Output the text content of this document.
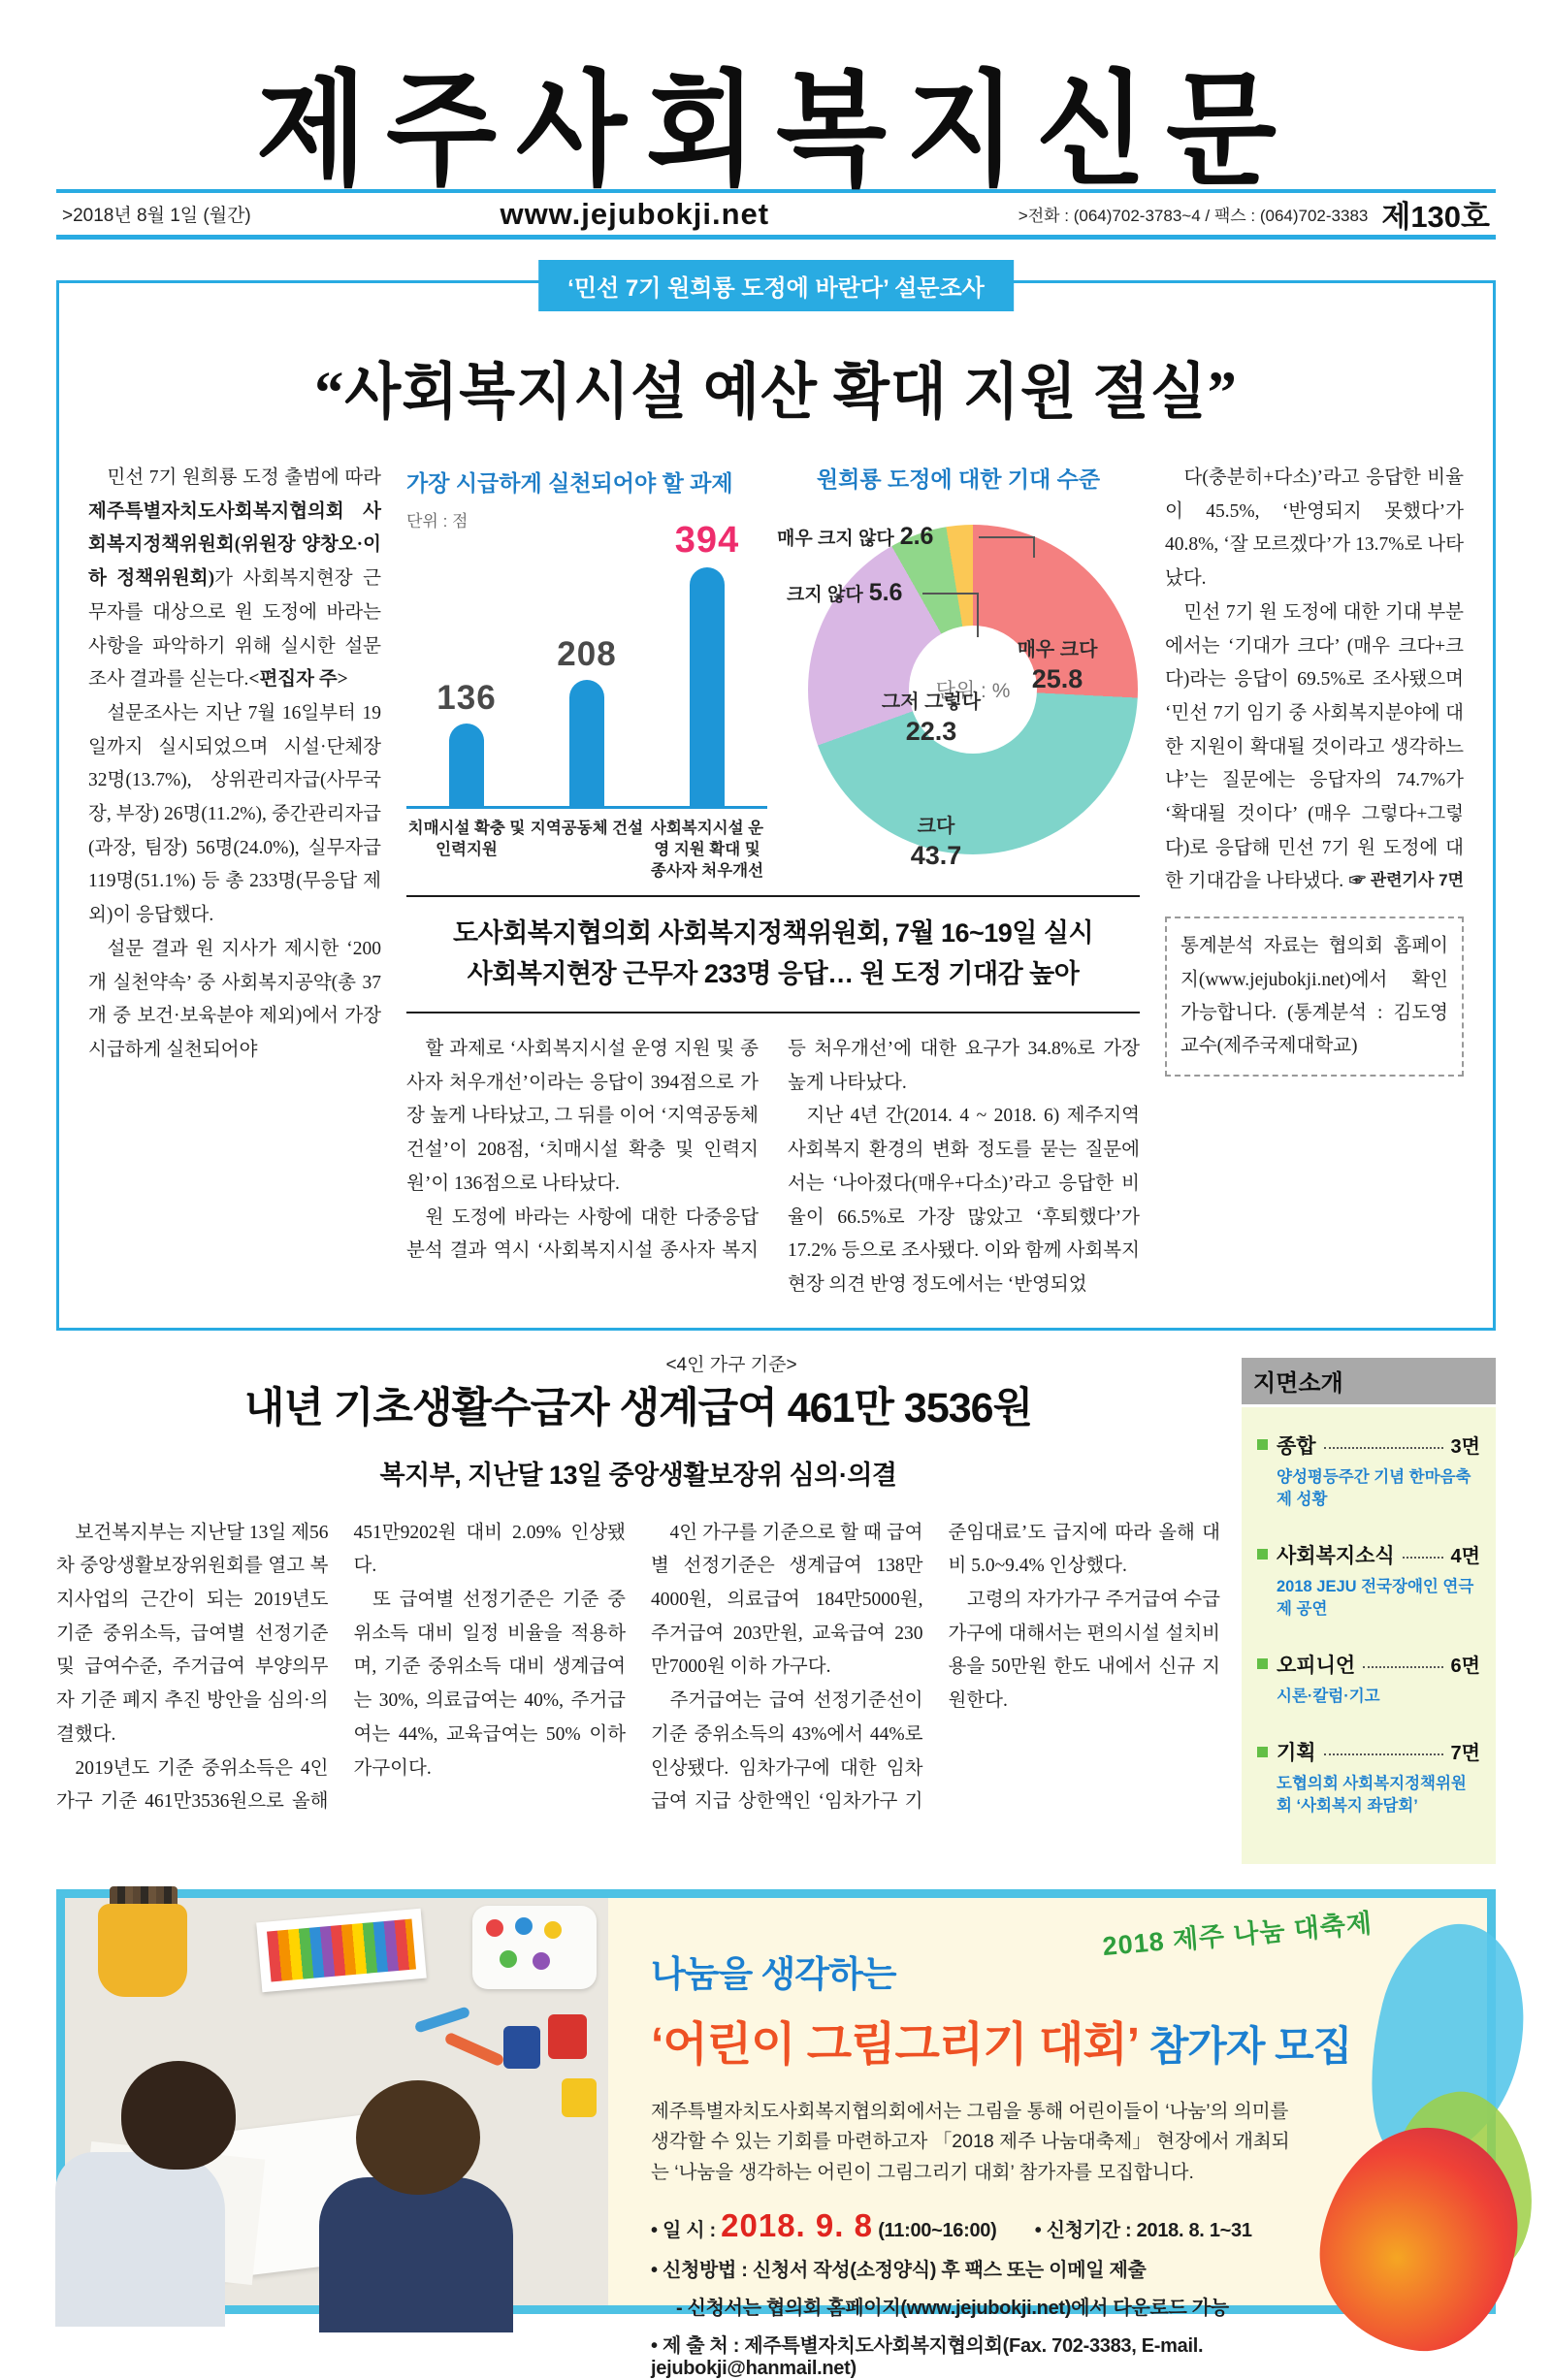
제주사회복지신문
>2018년 8월 1일 (월간)	www.jejubokji.net	>전화 : (064)702-3783~4 / 팩스 : (064)702-3383 제130호
‘민선 7기 원희룡 도정에 바란다’ 설문조사
“사회복지시설 예산 확대 지원 절실”

민선 7기 원희룡 도정 출범에 따라 제주특별자치도사회복지협의회 사회복지정책위원회(위원장 양창오·이하 정책위원회)가 사회복지현장 근무자를 대상으로 원 도정에 바라는 사항을 파악하기 위해 실시한 설문조사 결과를 싣는다.<편집자 주>

설문조사는 지난 7월 16일부터 19일까지 실시되었으며 시설·단체장 32명(13.7%), 상위관리자급(사무국장, 부장) 26명(11.2%), 중간관리자급(과장, 팀장) 56명(24.0%), 실무자급 119명(51.1%) 등 총 233명(무응답 제외)이 응답했다.

설문 결과 원 지사가 제시한 ‘200개 실천약속’ 중 사회복지공약(총 37개 중 보건·보육분야 제외)에서 가장 시급하게 실천되어야

가장 시급하게 실천되어야 할 과제
단위 : 점
136
208
394
치매시설 확충 및 인력지원
지역공동체 건설 사회복지시설 운영 지원 확대 및 종사자 처우개선
원희룡 도정에 대한 기대 수준
단위 : %
매우 크다
25.8
크다
43.7
그저 그렇다
22.3
매우 크지 않다 2.6
크지 않다 5.6
도사회복지협의회 사회복지정책위원회, 7월 16~19일 실시
사회복지현장 근무자 233명 응답… 원 도정 기대감 높아

할 과제로 ‘사회복지시설 운영 지원 및 종사자 처우개선’이라는 응답이 394점으로 가장 높게 나타났고, 그 뒤를 이어 ‘지역공동체 건설’이 208점, ‘치매시설 확충 및 인력지원’이 136점으로 나타났다.

원 도정에 바라는 사항에 대한 다중응답분석 결과 역시 ‘사회복지시설 종사자 복지 등 처우개선’에 대한 요구가 34.8%로 가장 높게 나타났다.

지난 4년 간(2014. 4 ~ 2018. 6) 제주지역 사회복지 환경의 변화 정도를 묻는 질문에서는 ‘나아졌다(매우+다소)’라고 응답한 비율이 66.5%로 가장 많았고 ‘후퇴했다’가 17.2% 등으로 조사됐다. 이와 함께 사회복지현장 의견 반영 정도에서는 ‘반영되었

다(충분히+다소)’라고 응답한 비율이 45.5%, ‘반영되지 못했다’가 40.8%, ‘잘 모르겠다’가 13.7%로 나타났다.

민선 7기 원 도정에 대한 기대 부분에서는 ‘기대가 크다’ (매우 크다+크다)라는 응답이 69.5%로 조사됐으며 ‘민선 7기 임기 중 사회복지분야에 대한 지원이 확대될 것이라고 생각하느냐’는 질문에는 응답자의 74.7%가 ‘확대될 것이다’ (매우 그렇다+그렇다)로 응답해 민선 7기 원 도정에 대한 기대감을 나타냈다. ☞ 관련기사 7면
통계분석 자료는 협의회 홈페이지(www.jejubokji.net)에서 확인 가능합니다. (통계분석 : 김도영교수(제주국제대학교)
<4인 가구 기준>
내년 기초생활수급자 생계급여 461만 3536원
복지부, 지난달 13일 중앙생활보장위 심의·의결

보건복지부는 지난달 13일 제56차 중앙생활보장위원회를 열고 복지사업의 근간이 되는 2019년도 기준 중위소득, 급여별 선정기준 및 급여수준, 주거급여 부양의무자 기준 폐지 추진 방안을 심의·의결했다.

2019년도 기준 중위소득은 4인 가구 기준 461만3536원으로 올해 451만9202원 대비 2.09% 인상됐다.

또 급여별 선정기준은 기준 중위소득 대비 일정 비율을 적용하며, 기준 중위소득 대비 생계급여는 30%, 의료급여는 40%, 주거급여는 44%, 교육급여는 50% 이하 가구이다.

4인 가구를 기준으로 할 때 급여별 선정기준은 생계급여 138만4000원, 의료급여 184만5000원, 주거급여 203만원, 교육급여 230만7000원 이하 가구다.

주거급여는 급여 선정기준선이 기준 중위소득의 43%에서 44%로 인상됐다. 임차가구에 대한 임차급여 지급 상한액인 ‘임차가구 기준임대료’도 급지에 따라 올해 대비 5.0~9.4% 인상했다.

고령의 자가가구 주거급여 수급가구에 대해서는 편의시설 설치비용을 50만원 한도 내에서 신규 지원한다.

지면소개
종합	3면
양성평등주간 기념 한마음축제 성황
사회복지소식	4면
2018 JEJU 전국장애인 연극제 공연
오피니언	6면
시론·칼럼·기고
기획	7면
도협의회 사회복지정책위원회 ‘사회복지 좌담회’
2018 제주 나눔 대축제
나눔을 생각하는
‘어린이 그림그리기 대회’ 참가자 모집
제주특별자치도사회복지협의회에서는 그림을 통해 어린이들이 ‘나눔’의 의미를 생각할 수 있는 기회를 마련하고자 「2018 제주 나눔대축제」 현장에서 개최되는 ‘나눔을 생각하는 어린이 그림그리기 대회’ 참가자를 모집합니다.
• 일 시 : 2018. 9. 8 (11:00~16:00) • 신청기간 : 2018. 8. 1~31
• 신청방법 : 신청서 작성(소정양식) 후 팩스 또는 이메일 제출
- 신청서는 협의회 홈페이지(www.jejubokji.net)에서 다운로드 가능
• 제 출 처 : 제주특별자치도사회복지협의회(Fax. 702-3383, E-mail. jejubokji@hanmail.net)
